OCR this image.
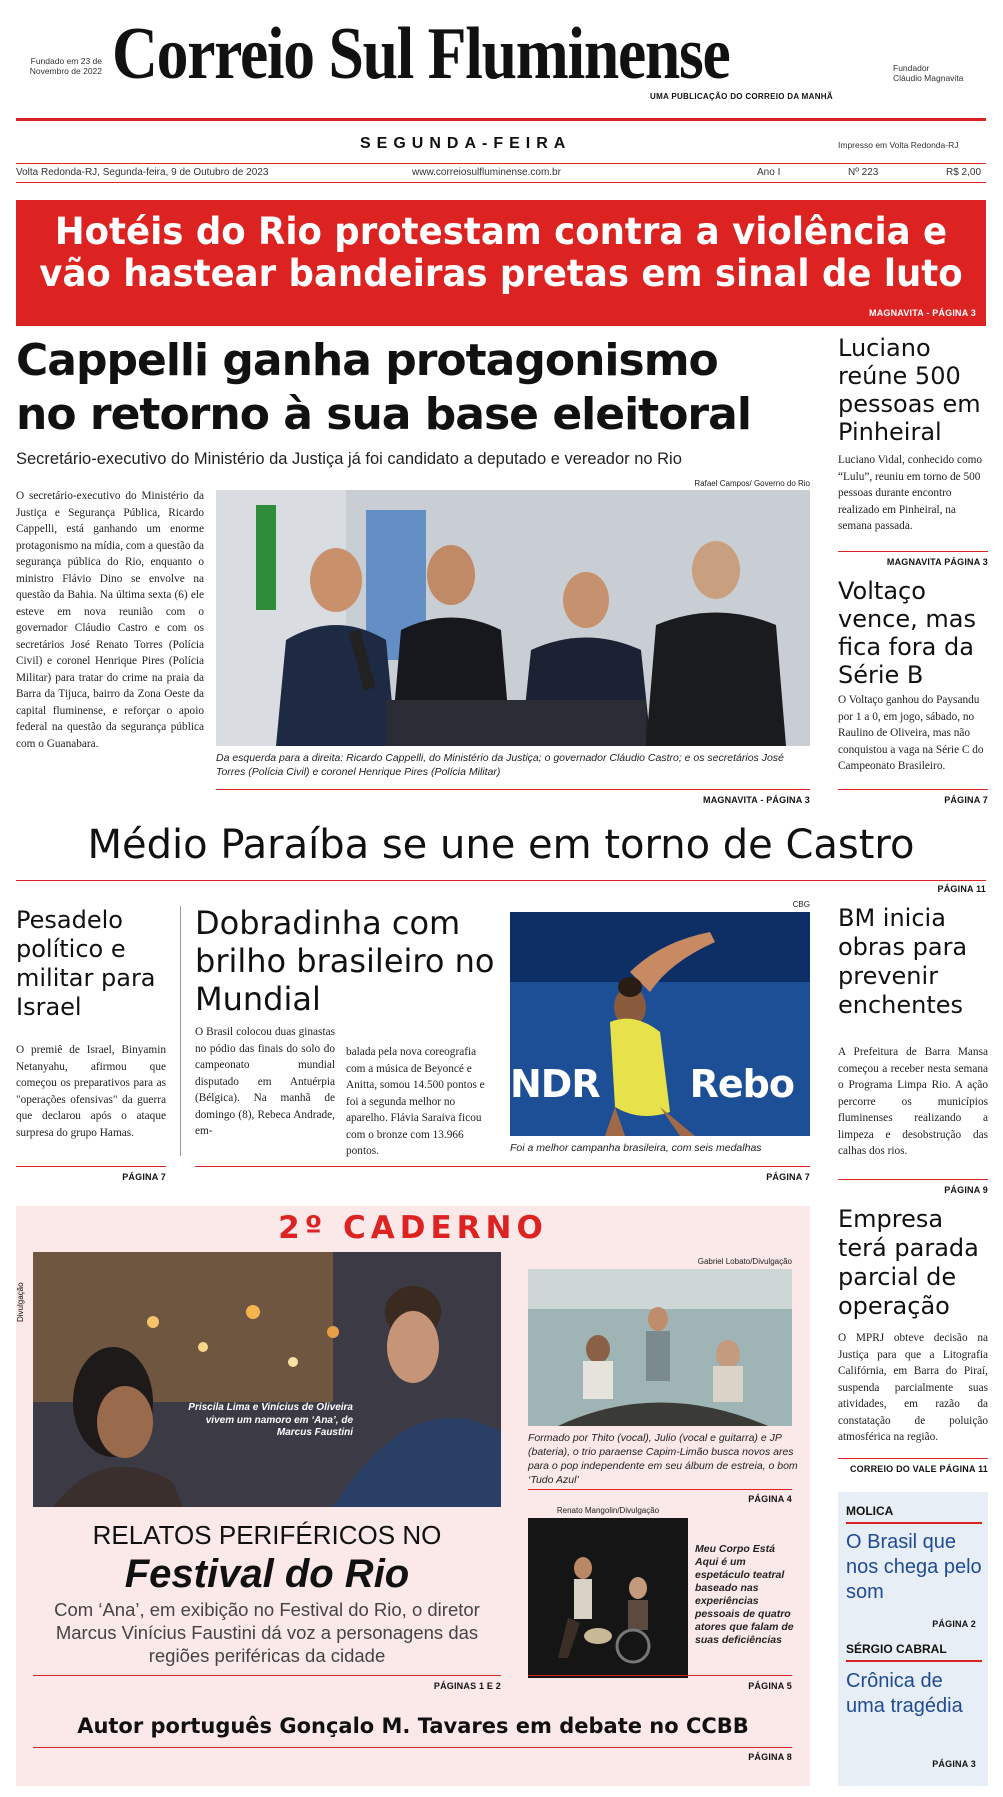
Fundado em 23 de Novembro de 2022 Correio Sul Fluminense	Fundador
Cláudio Magnavita
UMA PUBLICAÇÃO DO CORREIO DA MANHÃ
SEGUNDA-FEIRA	Impresso em Volta Redonda-RJ
Volta Redonda-RJ, Segunda-feira, 9 de Outubro de 2023	www.correiosulfluminense.com.br	Ano I	Nº 223	R$ 2,00
Hotéis do Rio protestam contra a violência e
vão hastear bandeiras pretas em sinal de luto
MAGNAVITA - PÁGINA 3
Cappelli ganha protagonismo
no retorno à sua base eleitoral
Secretário-executivo do Ministério da Justiça já foi candidato a deputado e vereador no Rio
O secretário-executivo do Ministério da Justiça e Segurança Pública, Ricardo Cappelli, está ganhando um enorme protagonismo na mídia, com a questão da segurança pública do Rio, enquanto o ministro Flávio Dino se envolve na questão da Bahia. Na última sexta (6) ele esteve em nova reunião com o governador Cláudio Castro e com os secretários José Renato Torres (Polícia Civil) e coronel Henrique Pires (Polícia Militar) para tratar do crime na praia da Barra da Tijuca, bairro da Zona Oeste da capital fluminense, e reforçar o apoio federal na questão da segurança pública com o Guanabara.
Rafael Campos/ Governo do Rio
Da esquerda para a direita: Ricardo Cappelli, do Ministério da Justiça; o governador Cláudio Castro; e os secretários José Torres (Polícia Civil) e coronel Henrique Pires (Polícia Militar)
MAGNAVITA - PÁGINA 3
Luciano reúne 500 pessoas em Pinheiral
Luciano Vidal, conhecido como “Lulu”, reuniu em torno de 500 pessoas durante encontro realizado em Pinheiral, na semana passada.
MAGNAVITA PÁGINA 3
Voltaço vence, mas fica fora da Série B
O Voltaço ganhou do Paysandu por 1 a 0, em jogo, sábado, no Raulino de Oliveira, mas não conquistou a vaga na Série C do Campeonato Brasileiro.
PÁGINA 7
Médio Paraíba se une em torno de Castro
PÁGINA 11
Pesadelo político e militar para Israel
O premiê de Israel, Binyamin Netanyahu, afirmou que começou os preparativos para as "operações ofensivas" da guerra que declarou após o ataque surpresa do grupo Hamas.
PÁGINA 7
Dobradinha com brilho brasileiro no Mundial
O Brasil colocou duas ginastas no pódio das finais do solo do campeonato mundial disputado em Antuérpia (Bélgica). Na manhã de domingo (8), Rebeca Andrade, em-
balada pela nova coreografia com a música de Beyoncé e Anitta, somou 14.500 pontos e foi a segunda melhor no aparelho. Flávia Saraiva ficou com o bronze com 13.966 pontos.
CBG
NDR Rebo
Foi a melhor campanha brasileira, com seis medalhas
PÁGINA 7
BM inicia obras para prevenir enchentes
A Prefeitura de Barra Mansa começou a receber nesta semana o Programa Limpa Rio. A ação percorre os municípios fluminenses realizando a limpeza e desobstrução das calhas dos rios.
PÁGINA 9
Empresa terá parada parcial de operação
O MPRJ obteve decisão na Justiça para que a Litografia Califórnia, em Barra do Piraí, suspenda parcialmente suas atividades, em razão da constatação de poluição atmosférica na região.
CORREIO DO VALE PÁGINA 11
2º CADERNO
Divulgação
Priscila Lima e Vinícius de Oliveira vivem um namoro em ‘Ana’, de Marcus Faustini
RELATOS PERIFÉRICOS NO
Festival do Rio
Com ‘Ana’, em exibição no Festival do Rio, o diretor Marcus Vinícius Faustini dá voz a personagens das regiões periféricas da cidade
PÁGINAS 1 E 2
Gabriel Lobato/Divulgação
Formado por Thito (vocal), Julio (vocal e guitarra) e JP (bateria), o trio paraense Capim-Limão busca novos ares para o pop independente em seu álbum de estreia, o bom ‘Tudo Azul’
PÁGINA 4
Renato Mangolin/Divulgação
Meu Corpo Está Aqui é um espetáculo teatral baseado nas experiências pessoais de quatro atores que falam de suas deficiências
PÁGINA 5
Autor português Gonçalo M. Tavares em debate no CCBB
PÁGINA 8
MOLICA
O Brasil que nos chega pelo som
PÁGINA 2
SÉRGIO CABRAL
Crônica de uma tragédia
PÁGINA 3
